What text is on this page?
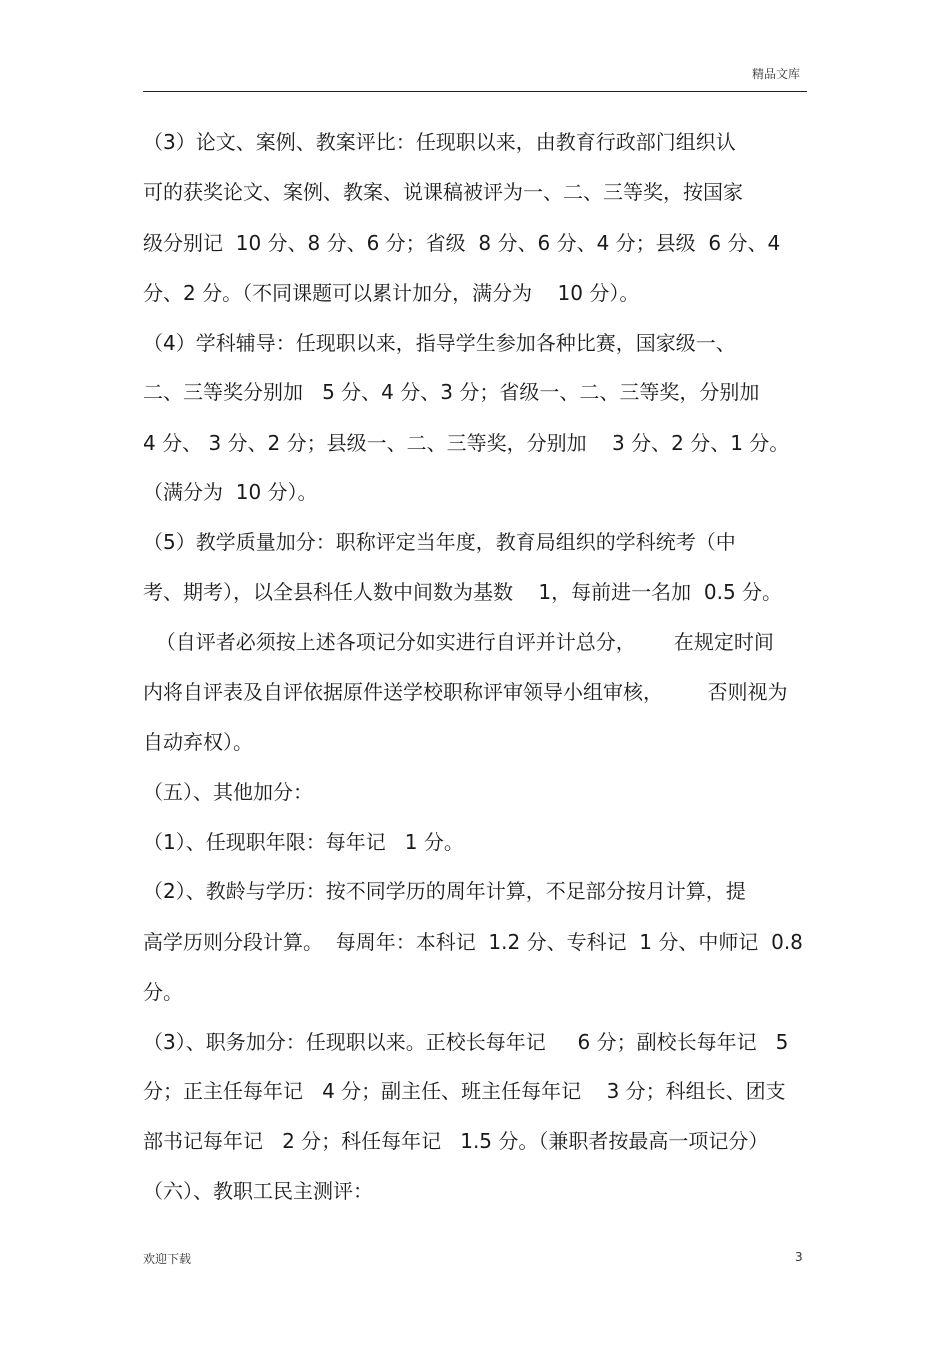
精品文库
（3）论文、案例、教案评比：任现职以来，由教育行政部门组织认
可的获奖论文、案例、教案、说课稿被评为一、二、三等奖，按国家
级分别记  10 分、8 分、6 分；省级  8 分、6 分、4 分；县级  6 分、4
分、2 分。（不同课题可以累计加分，满分为    10 分）。
（4）学科辅导：任现职以来，指导学生参加各种比赛，国家级一、
二、三等奖分别加   5 分、4 分、3 分；省级一、二、三等奖，分别加
4 分、 3 分、2 分；县级一、二、三等奖，分别加    3 分、2 分、1 分。
（满分为  10 分）。
（5）教学质量加分：职称评定当年度，教育局组织的学科统考（中
考、期考），以全县科任人数中间数为基数    1，每前进一名加  0.5 分。
（自评者必须按上述各项记分如实进行自评并计总分，      在规定时间
内将自评表及自评依据原件送学校职称评审领导小组审核，       否则视为
自动弃权）。
（五）、其他加分：
（1）、任现职年限：每年记   1 分。
（2）、教龄与学历：按不同学历的周年计算，不足部分按月计算，提
高学历则分段计算。  每周年：本科记  1.2 分、专科记  1 分、中师记  0.8
分。
（3）、职务加分：任现职以来。正校长每年记     6 分；副校长每年记   5
分；正主任每年记   4 分；副主任、班主任每年记    3 分；科组长、团支
部书记每年记   2 分；科任每年记   1.5 分。（兼职者按最高一项记分）
（六）、教职工民主测评：
欢迎下载	3
